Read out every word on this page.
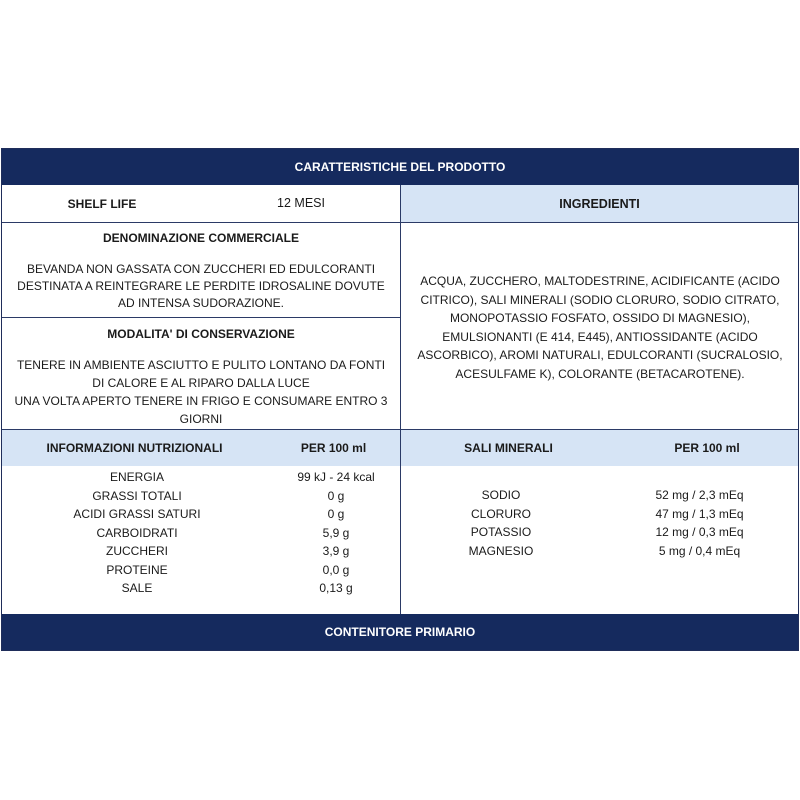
CARATTERISTICHE DEL PRODOTTO
SHELF LIFE	12 MESI	INGREDIENTI
DENOMINAZIONE COMMERCIALE
BEVANDA NON GASSATA CON ZUCCHERI ED EDULCORANTI DESTINATA A REINTEGRARE LE PERDITE IDROSALINE DOVUTE AD INTENSA SUDORAZIONE.
MODALITA' DI CONSERVAZIONE
TENERE IN AMBIENTE ASCIUTTO E PULITO LONTANO DA FONTI DI CALORE E AL RIPARO DALLA LUCE
UNA VOLTA APERTO TENERE IN FRIGO E CONSUMARE ENTRO 3 GIORNI
ACQUA, ZUCCHERO, MALTODESTRINE, ACIDIFICANTE (ACIDO CITRICO), SALI MINERALI (SODIO CLORURO, SODIO CITRATO, MONOPOTASSIO FOSFATO, OSSIDO DI MAGNESIO), EMULSIONANTI (E 414, E445), ANTIOSSIDANTE (ACIDO ASCORBICO), AROMI NATURALI, EDULCORANTI (SUCRALOSIO, ACESULFAME K), COLORANTE (BETACAROTENE).
INFORMAZIONI NUTRIZIONALI	PER 100 ml	SALI MINERALI	PER 100 ml
ENERGIA	99 kJ - 24 kcal
GRASSI TOTALI	0 g
ACIDI GRASSI SATURI	0 g
CARBOIDRATI	5,9 g
ZUCCHERI	3,9 g
PROTEINE	0,0 g
SALE	0,13 g
SODIO	52 mg / 2,3 mEq
CLORURO	47 mg / 1,3 mEq
POTASSIO	12 mg / 0,3 mEq
MAGNESIO	5 mg / 0,4 mEq
CONTENITORE PRIMARIO
